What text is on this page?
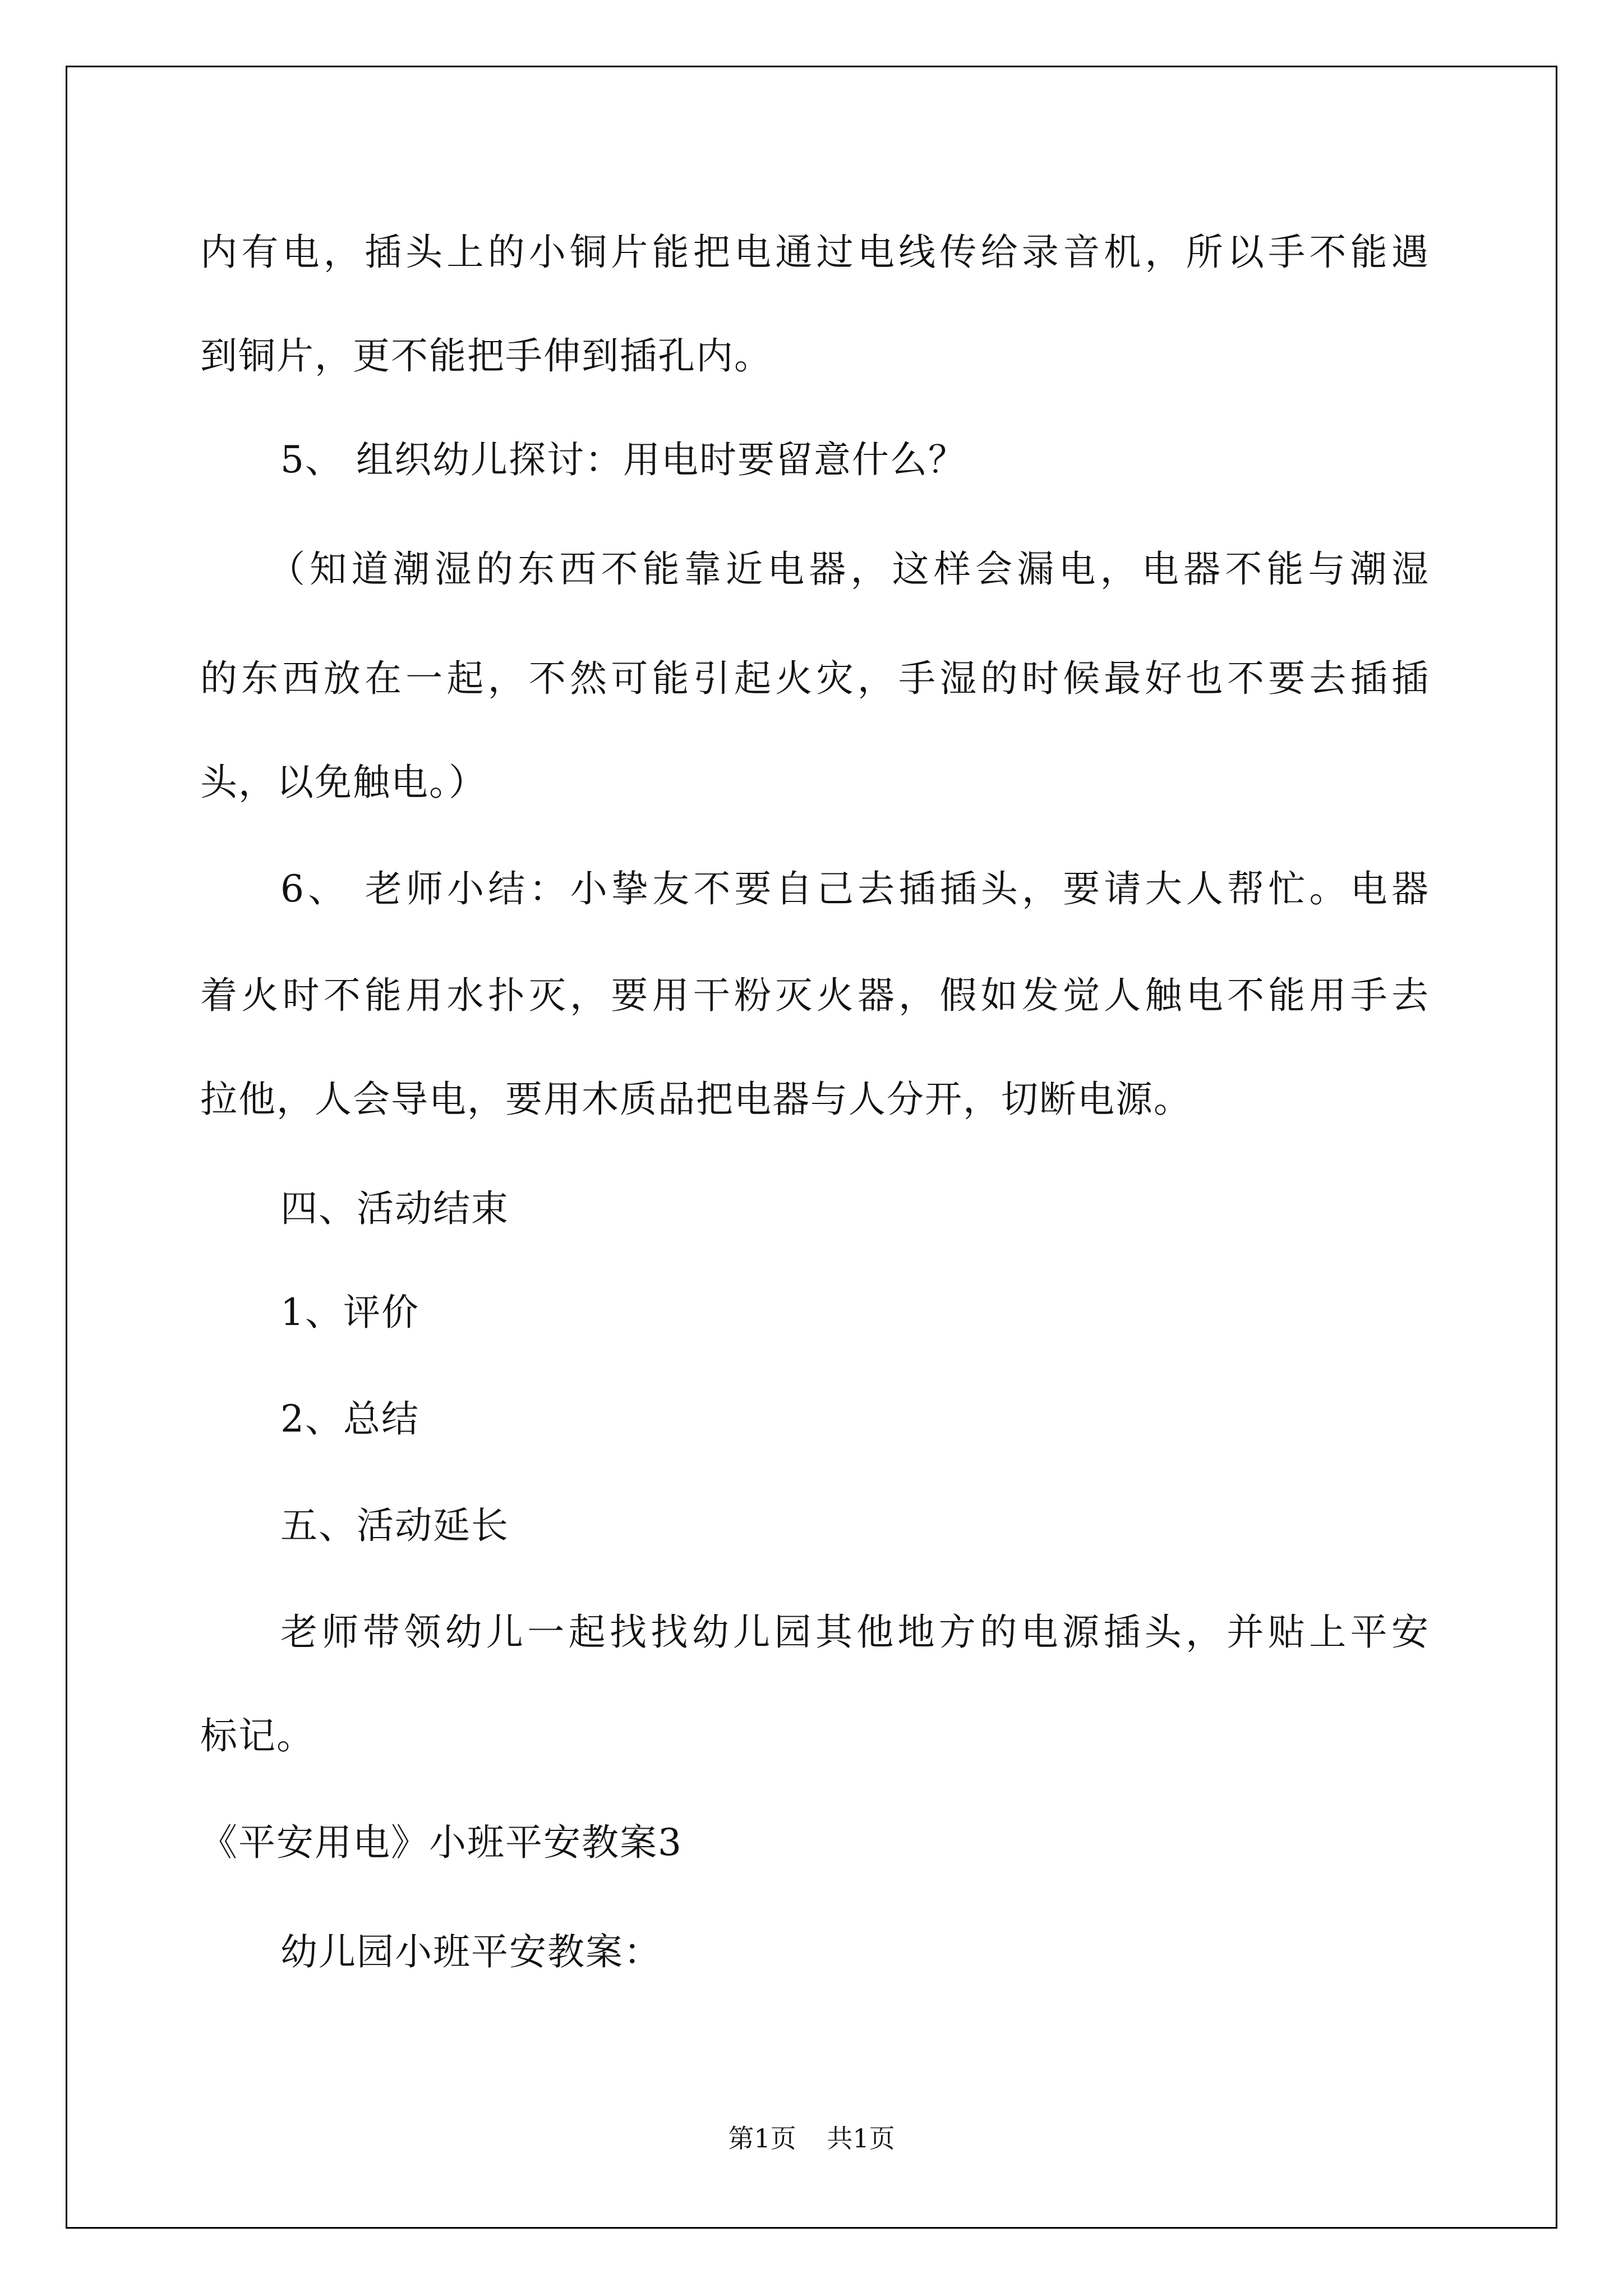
内有电，插头上的小铜片能把电通过电线传给录音机，所以手不能遇
到铜片，更不能把手伸到插孔内。
5、 组织幼儿探讨：用电时要留意什么？
（知道潮湿的东西不能靠近电器，这样会漏电，电器不能与潮湿
的东西放在一起，不然可能引起火灾，手湿的时候最好也不要去插插
头，以免触电。）
6、 老师小结：小挚友不要自己去插插头，要请大人帮忙。电器
着火时不能用水扑灭，要用干粉灭火器，假如发觉人触电不能用手去
拉他，人会导电，要用木质品把电器与人分开，切断电源。
四、活动结束
1、评价
2、总结
五、活动延长
老师带领幼儿一起找找幼儿园其他地方的电源插头，并贴上平安
标记。
《平安用电》小班平安教案3
幼儿园小班平安教案：
第1页 共1页
